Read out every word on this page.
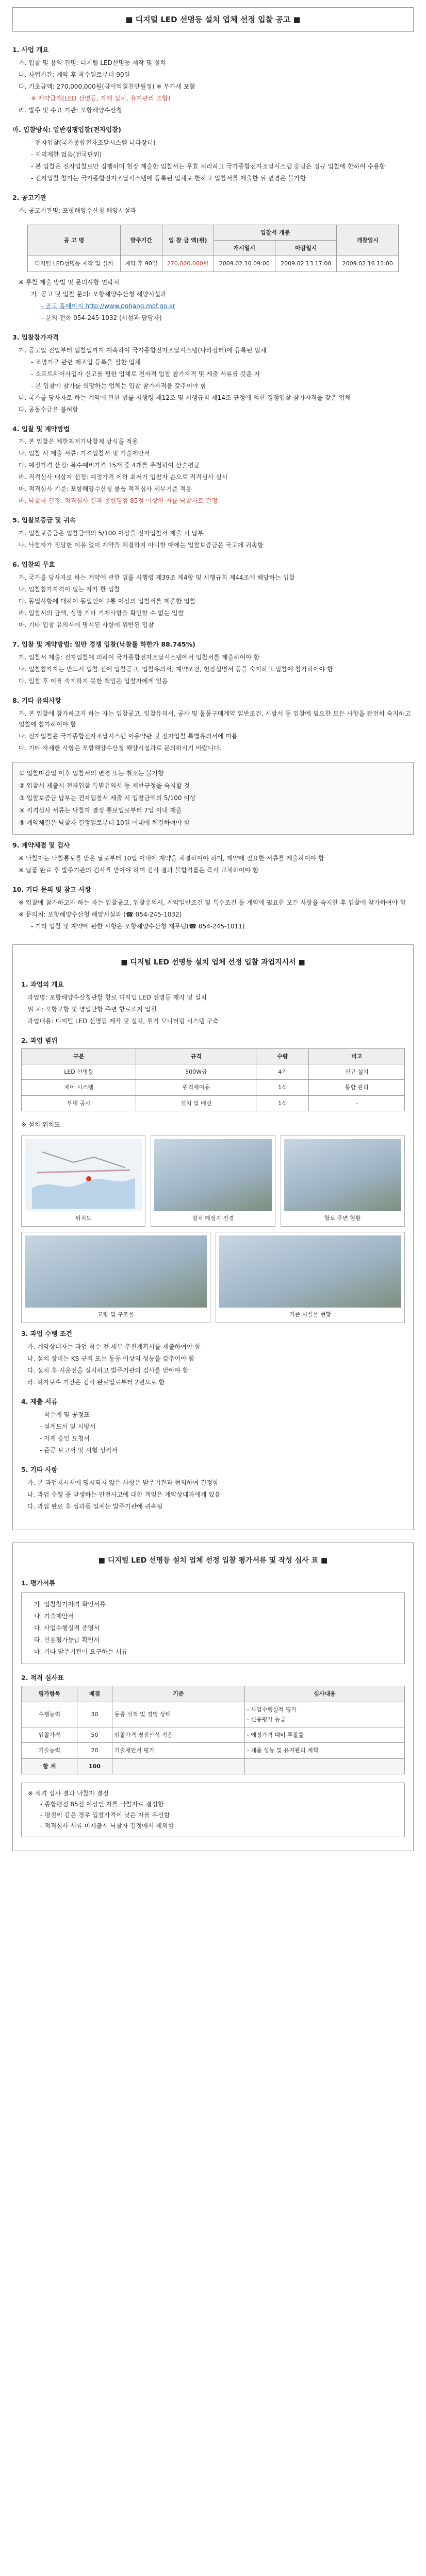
■ 디지털 LED 선명등 설치 업체 선정 입찰 공고 ■
1. 사업 개요

가. 입찰 및 용역 건명: 디지털 LED선명등 제작 및 설치

나. 사업기간: 계약 후 착수일로부터 90일

다. 기초금액: 270,000,000원(금이억칠천만원정) ※ 부가세 포함

※ 계약금액(LED 선명등, 자재 설치, 유지관리 포함)

라. 발주 및 수요 기관: 포항해양수산청

마. 입찰방식: 일반경쟁입찰(전자입찰)

- 전자입찰(국가종합전자조달시스템 나라장터)

- 지역제한 없음(전국단위)

- 본 입찰은 전자입찰로만 집행하며 현장 제출한 입찰서는 무효 처리하고 국가종합전자조달시스템 응답은 정규 입찰에 한하여 수용함

- 전자입찰 참가는 국가종합전자조달시스템에 등록된 업체로 한하고 입찰서를 제출한 뒤 변경은 불가함

2. 공고기관

가. 공고기관명: 포항해양수산청 해양시설과

공 고 명	발주기간	입 찰 금 액(원)	입찰서 개봉		개찰일시
			개시일시	마감일시	
디지털 LED선명등 제작 및 설치	계약 후 90일	270,000,000원	2009.02.10 09:00	2009.02.13 17:00	2009.02.16 11:00

※ 투찰 제출 방법 및 문의사항 연락처

가. 공고 및 입찰 문의: 포항해양수산청 해양시설과

- 공고 홈페이지 http://www.pohang.mof.go.kr

- 문의 전화 054-245-1032 (시설과 담당자)

3. 입찰참가자격

가. 공고일 전일부터 입찰일까지 계속하여 국가종합전자조달시스템(나라장터)에 등록된 업체

- 조명기구 관련 제조업 등록을 필한 업체

- 소프트웨어사업자 신고를 필한 업체로 전자적 입찰 참가자격 및 제출 서류를 갖춘 자

- 본 입찰에 참가를 희망하는 업체는 입찰 참가자격을 갖추어야 함

나. 국가를 당사자로 하는 계약에 관한 법률 시행령 제12조 및 시행규칙 제14조 규정에 의한 경쟁입찰 참가자격을 갖춘 업체

다. 공동수급은 불허함

4. 입찰 및 계약방법

가. 본 입찰은 제한최저가낙찰제 방식을 적용

나. 입찰 시 제출 서류: 가격입찰서 및 기술제안서

다. 예정가격 산정: 복수예비가격 15개 중 4개를 추첨하여 산술평균

라. 적격심사 대상자 선정: 예정가격 이하 최저가 입찰자 순으로 적격심사 실시

마. 적격심사 기준: 포항해양수산청 물품 적격심사 세부기준 적용

바. 낙찰자 결정: 적격심사 결과 종합평점 85점 이상인 자를 낙찰자로 결정

5. 입찰보증금 및 귀속

가. 입찰보증금은 입찰금액의 5/100 이상을 전자입찰서 제출 시 납부

나. 낙찰자가 정당한 이유 없이 계약을 체결하지 아니할 때에는 입찰보증금은 국고에 귀속함

6. 입찰의 무효

가. 국가를 당사자로 하는 계약에 관한 법률 시행령 제39조 제4항 및 시행규칙 제44조에 해당하는 입찰

나. 입찰참가자격이 없는 자가 한 입찰

다. 동일사항에 대하여 동일인이 2통 이상의 입찰서를 제출한 입찰

라. 입찰서의 금액, 성명 기타 기재사항을 확인할 수 없는 입찰

마. 기타 입찰 유의서에 명시된 사항에 위반된 입찰

7. 입찰 및 계약방법: 일반 경쟁 입찰(낙찰률 하한가 88.745%)

가. 입찰서 제출: 전자입찰에 의하여 국가종합전자조달시스템에서 입찰서를 제출하여야 함

나. 입찰참가자는 반드시 입찰 전에 입찰공고, 입찰유의서, 계약조건, 현장설명서 등을 숙지하고 입찰에 참가하여야 함

다. 입찰 후 이를 숙지하지 못한 책임은 입찰자에게 있음

8. 기타 유의사항

가. 본 입찰에 참가하고자 하는 자는 입찰공고, 입찰유의서, 공사 및 물품구매계약 일반조건, 시방서 등 입찰에 필요한 모든 사항을 완전히 숙지하고 입찰에 참가하여야 함

나. 전자입찰은 국가종합전자조달시스템 이용약관 및 전자입찰 특별유의서에 따름

다. 기타 자세한 사항은 포항해양수산청 해양시설과로 문의하시기 바랍니다.

① 입찰마감일 이후 입찰서의 변경 또는 취소는 불가함

② 입찰서 제출시 전자입찰 특별유의서 등 제반규정을 숙지할 것

③ 입찰보증금 납부는 전자입찰서 제출 시 입찰금액의 5/100 이상

④ 적격심사 서류는 낙찰자 결정 통보일로부터 7일 이내 제출

⑤ 계약체결은 낙찰자 결정일로부터 10일 이내에 체결하여야 함

9. 계약체결 및 검사

※ 낙찰자는 낙찰통보를 받은 날로부터 10일 이내에 계약을 체결하여야 하며, 계약에 필요한 서류를 제출하여야 함

※ 납품 완료 후 발주기관의 검사를 받아야 하며 검사 결과 불합격품은 즉시 교체하여야 함

10. 기타 문의 및 참고 사항

※ 입찰에 참가하고자 하는 자는 입찰공고, 입찰유의서, 계약일반조건 및 특수조건 등 계약에 필요한 모든 사항을 숙지한 후 입찰에 참가하여야 함

※ 문의처: 포항해양수산청 해양시설과 (☎ 054-245-1032)

- 기타 입찰 및 계약에 관한 사항은 포항해양수산청 재무팀(☎ 054-245-1011)

■ 디지털 LED 선명등 설치 업체 선정 입찰 과업지시서 ■
1. 과업의 개요

과업명: 포항해양수산청관할 항로 디지털 LED 선명등 제작 및 설치

위 치: 포항구항 및 영일만항 주변 항로표지 일원

과업내용: 디지털 LED 선명등 제작 및 설치, 원격 모니터링 시스템 구축

2. 과업 범위
구분	규격	수량	비고
LED 선명등	500W급	4기	신규 설치
제어 시스템	원격제어용	1식	통합 관리
부대 공사	설치 및 배선	1식	-

※ 설치 위치도

위치도	설치 예정지 전경	항로 주변 현황
교량 및 구조물	기존 시설물 현황
3. 과업 수행 조건

가. 계약상대자는 과업 착수 전 세부 추진계획서를 제출하여야 함

나. 설치 장비는 KS 규격 또는 동등 이상의 성능을 갖추어야 함

다. 설치 후 시운전을 실시하고 발주기관의 검사를 받아야 함

라. 하자보수 기간은 검사 완료일로부터 2년으로 함

4. 제출 서류

- 착수계 및 공정표

- 설계도서 및 시방서

- 자재 승인 요청서

- 준공 보고서 및 시험 성적서

5. 기타 사항

가. 본 과업지시서에 명시되지 않은 사항은 발주기관과 협의하여 결정함

나. 과업 수행 중 발생하는 안전사고에 대한 책임은 계약상대자에게 있음

다. 과업 완료 후 성과품 일체는 발주기관에 귀속됨

■ 디지털 LED 선명등 설치 업체 선정 입찰 평가서류 및 작성 심사 표 ■
1. 평가서류

가. 입찰참가자격 확인서류

나. 기술제안서

다. 사업수행실적 증명서

라. 신용평가등급 확인서

마. 기타 발주기관이 요구하는 서류

2. 적격 심사표
평가항목	배점	기준	심사내용
수행능력	30	동종 실적 및 경영 상태	- 사업수행실적 평가
- 신용평가 등급
입찰가격	50	입찰가격 평점산식 적용	- 예정가격 대비 투찰률
기술능력	20	기술제안서 평가	- 제품 성능 및 유지관리 계획
합 계	100		

※ 적격 심사 결과 낙찰자 결정

- 종합평점 85점 이상인 자를 낙찰자로 결정함

- 평점이 같은 경우 입찰가격이 낮은 자를 우선함

- 적격심사 서류 미제출시 낙찰자 결정에서 제외함
